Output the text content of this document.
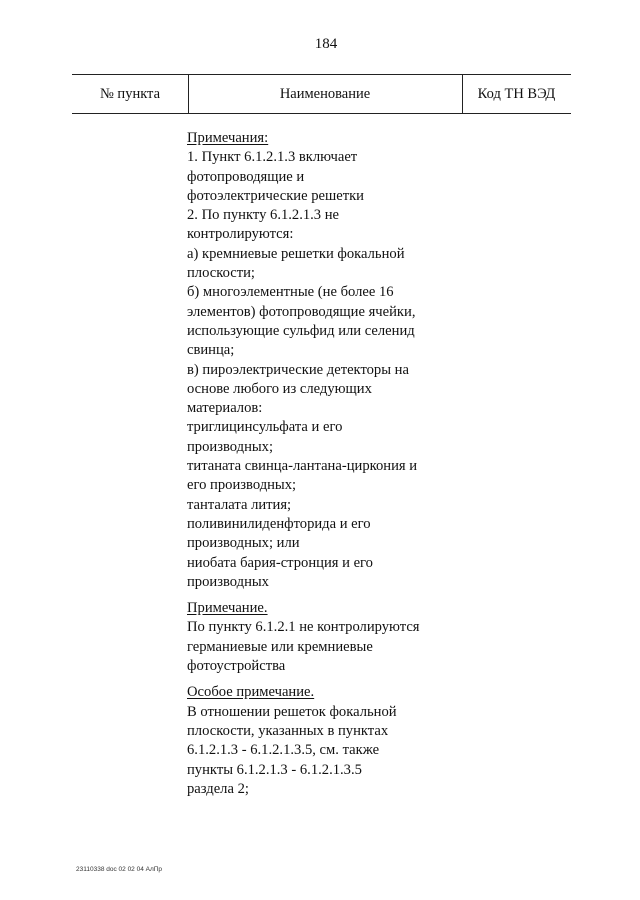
184
№ пункта	Наименование	Код ТН ВЭД
Примечания:
1. Пункт 6.1.2.1.3 включает
фотопроводящие и
фотоэлектрические решетки
2. По пункту 6.1.2.1.3 не
контролируются:
а) кремниевые решетки фокальной
плоскости;
б) многоэлементные (не более 16
элементов) фотопроводящие ячейки,
использующие сульфид или селенид
свинца;
в) пироэлектрические детекторы на
основе любого из следующих
материалов:
триглицинсульфата и его
производных;
титаната свинца-лантана-циркония и
его производных;
танталата лития;
поливинилиденфторида и его
производных; или
ниобата бария-стронция и его
производных
Примечание.
По пункту 6.1.2.1 не контролируются
германиевые или кремниевые
фотоустройства
Особое примечание.
В отношении решеток фокальной
плоскости, указанных в пунктах
6.1.2.1.3 - 6.1.2.1.3.5, см. также
пункты 6.1.2.1.3 - 6.1.2.1.3.5
раздела 2;
23110338 doc 02 02 04 АлПр
